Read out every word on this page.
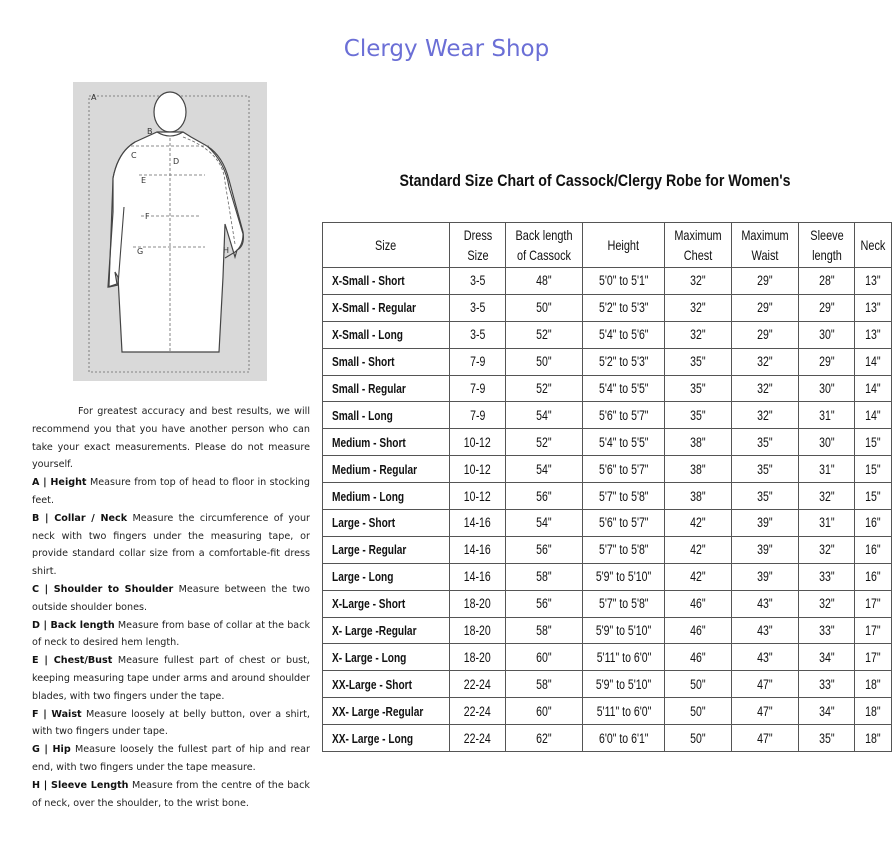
Clergy Wear Shop
A
B
C
D
E
F
G	H
Standard Size Chart of Cassock/Clergy Robe for Women's
Size	Dress Size	Back length of Cassock	Height	Maximum Chest	Maximum Waist	Sleeve length	Neck
X-Small - Short	3-5	48"	5'0" to 5'1"	32"	29"	28"	13"
X-Small - Regular	3-5	50"	5'2" to 5'3"	32"	29"	29"	13"
X-Small - Long	3-5	52"	5'4" to 5'6"	32"	29"	30"	13"
Small - Short	7-9	50"	5'2" to 5'3"	35"	32"	29"	14"
Small - Regular	7-9	52"	5'4" to 5'5"	35"	32"	30"	14"
Small - Long	7-9	54"	5'6" to 5'7"	35"	32"	31"	14"
Medium - Short	10-12	52"	5'4" to 5'5"	38"	35"	30"	15"
Medium - Regular	10-12	54"	5'6" to 5'7"	38"	35"	31"	15"
Medium - Long	10-12	56"	5'7" to 5'8"	38"	35"	32"	15"
Large - Short	14-16	54"	5'6" to 5'7"	42"	39"	31"	16"
Large - Regular	14-16	56"	5'7" to 5'8"	42"	39"	32"	16"
Large - Long	14-16	58"	5'9" to 5'10"	42"	39"	33"	16"
X-Large - Short	18-20	56"	5'7" to 5'8"	46"	43"	32"	17"
X- Large -Regular	18-20	58"	5'9" to 5'10"	46"	43"	33"	17"
X- Large - Long	18-20	60"	5'11" to 6'0"	46"	43"	34"	17"
XX-Large - Short	22-24	58"	5'9" to 5'10"	50"	47"	33"	18"
XX- Large -Regular	22-24	60"	5'11" to 6'0"	50"	47"	34"	18"
XX- Large - Long	22-24	62"	6'0" to 6'1"	50"	47"	35"	18"

For greatest accuracy and best results, we will recommend you that you have another person who can take your exact measurements. Please do not measure yourself.

A | Height Measure from top of head to floor in stocking feet.

B | Collar / Neck Measure the circumference of your neck with two fingers under the measuring tape, or provide standard collar size from a comfortable-fit dress shirt.

C | Shoulder to Shoulder Measure between the two outside shoulder bones.

D | Back length Measure from base of collar at the back of neck to desired hem length.

E | Chest/Bust Measure fullest part of chest or bust, keeping measuring tape under arms and around shoulder blades, with two fingers under the tape.

F | Waist Measure loosely at belly button, over a shirt, with two fingers under tape.

G | Hip Measure loosely the fullest part of hip and rear end, with two fingers under the tape measure.

H | Sleeve Length Measure from the centre of the back of neck, over the shoulder, to the wrist bone.
